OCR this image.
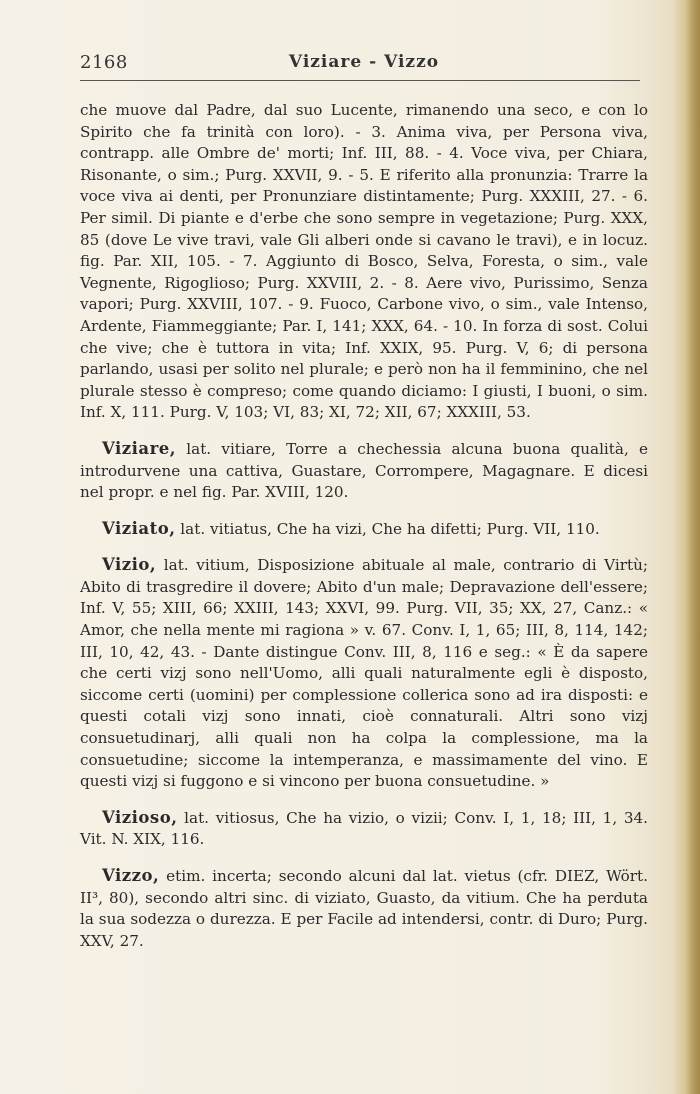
2168	Viziare - Vizzo

che muove dal Padre, dal suo Lucente, rimanendo una seco, e con lo Spirito che fa trinità con loro). - 3. Anima viva, per Persona viva, contrapp. alle Ombre de' morti; Inf. III, 88. - 4. Voce viva, per Chiara, Risonante, o sim.; Purg. XXVII, 9. - 5. E riferito alla pronunzia: Trarre la voce viva ai denti, per Pronunziare distintamente; Purg. XXXIII, 27. - 6. Per simil. Di piante e d'erbe che sono sempre in vegetazione; Purg. XXX, 85 (dove Le vive travi, vale Gli alberi onde si cavano le travi), e in locuz. fig. Par. XII, 105. - 7. Aggiunto di Bosco, Selva, Foresta, o sim., vale Vegnente, Rigoglioso; Purg. XXVIII, 2. - 8. Aere vivo, Purissimo, Senza vapori; Purg. XXVIII, 107. - 9. Fuoco, Carbone vivo, o sim., vale Intenso, Ardente, Fiammeggiante; Par. I, 141; XXX, 64. - 10. In forza di sost. Colui che vive; che è tuttora in vita; Inf. XXIX, 95. Purg. V, 6; di persona parlando, usasi per solito nel plurale; e però non ha il femminino, che nel plurale stesso è compreso; come quando diciamo: I giusti, I buoni, o sim. Inf. X, 111. Purg. V, 103; VI, 83; XI, 72; XII, 67; XXXIII, 53.

Viziare, lat. vitiare, Torre a chechessia alcuna buona qualità, e introdurvene una cattiva, Guastare, Corrompere, Magagnare. E dicesi nel propr. e nel fig. Par. XVIII, 120.

Viziato, lat. vitiatus, Che ha vizi, Che ha difetti; Purg. VII, 110.

Vizio, lat. vitium, Disposizione abituale al male, contrario di Virtù; Abito di trasgredire il dovere; Abito d'un male; Depravazione dell'essere; Inf. V, 55; XIII, 66; XXIII, 143; XXVI, 99. Purg. VII, 35; XX, 27, Canz.: « Amor, che nella mente mi ragiona » v. 67. Conv. I, 1, 65; III, 8, 114, 142; III, 10, 42, 43. - Dante distingue Conv. III, 8, 116 e seg.: « È da sapere che certi vizj sono nell'Uomo, alli quali naturalmente egli è disposto, siccome certi (uomini) per complessione collerica sono ad ira disposti: e questi cotali vizj sono innati, cioè connaturali. Altri sono vizj consuetudinarj, alli quali non ha colpa la complessione, ma la consuetudine; siccome la intemperanza, e massimamente del vino. E questi vizj si fuggono e si vincono per buona consuetudine. »

Vizioso, lat. vitiosus, Che ha vizio, o vizii; Conv. I, 1, 18; III, 1, 34. Vit. N. XIX, 116.

Vizzo, etim. incerta; secondo alcuni dal lat. vietus (cfr. DIEZ, Wört. II³, 80), secondo altri sinc. di viziato, Guasto, da vitium. Che ha perduta la sua sodezza o durezza. E per Facile ad intendersi, contr. di Duro; Purg. XXV, 27.
